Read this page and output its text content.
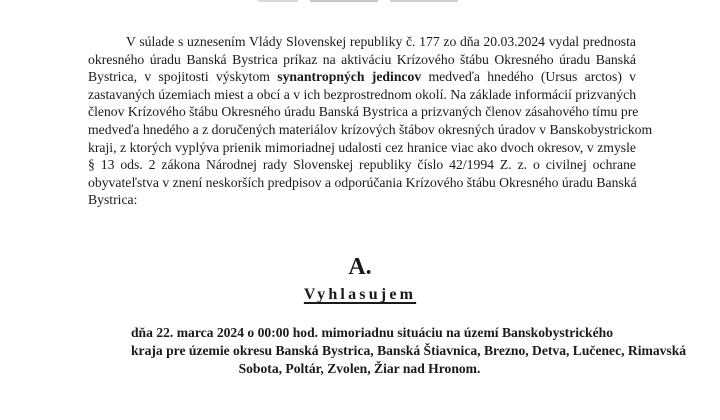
V súlade s uznesením Vlády Slovenskej republiky č. 177 zo dňa 20.03.2024 vydal prednosta
okresného úradu Banská Bystrica príkaz na aktiváciu Krízového štábu Okresného úradu Banská
Bystrica, v spojitosti výskytom synantropných jedincov medveďa hnedého (Ursus arctos) v
zastavaných územiach miest a obcí a v ich bezprostrednom okolí. Na základe informácií prizvaných
členov Krízového štábu Okresného úradu Banská Bystrica a prizvaných členov zásahového tímu pre
medveďa hnedého a z doručených materiálov krízových štábov okresných úradov v Banskobystrickom
kraji, z ktorých vyplýva prienik mimoriadnej udalosti cez hranice viac ako dvoch okresov, v zmysle
§ 13 ods. 2 zákona Národnej rady Slovenskej republiky číslo 42/1994 Z. z. o civilnej ochrane
obyvateľstva v znení neskorších predpisov a odporúčania Krízového štábu Okresného úradu Banská
Bystrica:

A.
Vyhlasujem

dňa 22. marca 2024 o 00:00 hod. mimoriadnu situáciu na území Banskobystrického
kraja pre územie okresu Banská Bystrica, Banská Štiavnica, Brezno, Detva, Lučenec, Rimavská
Sobota, Poltár, Zvolen, Žiar nad Hronom.
